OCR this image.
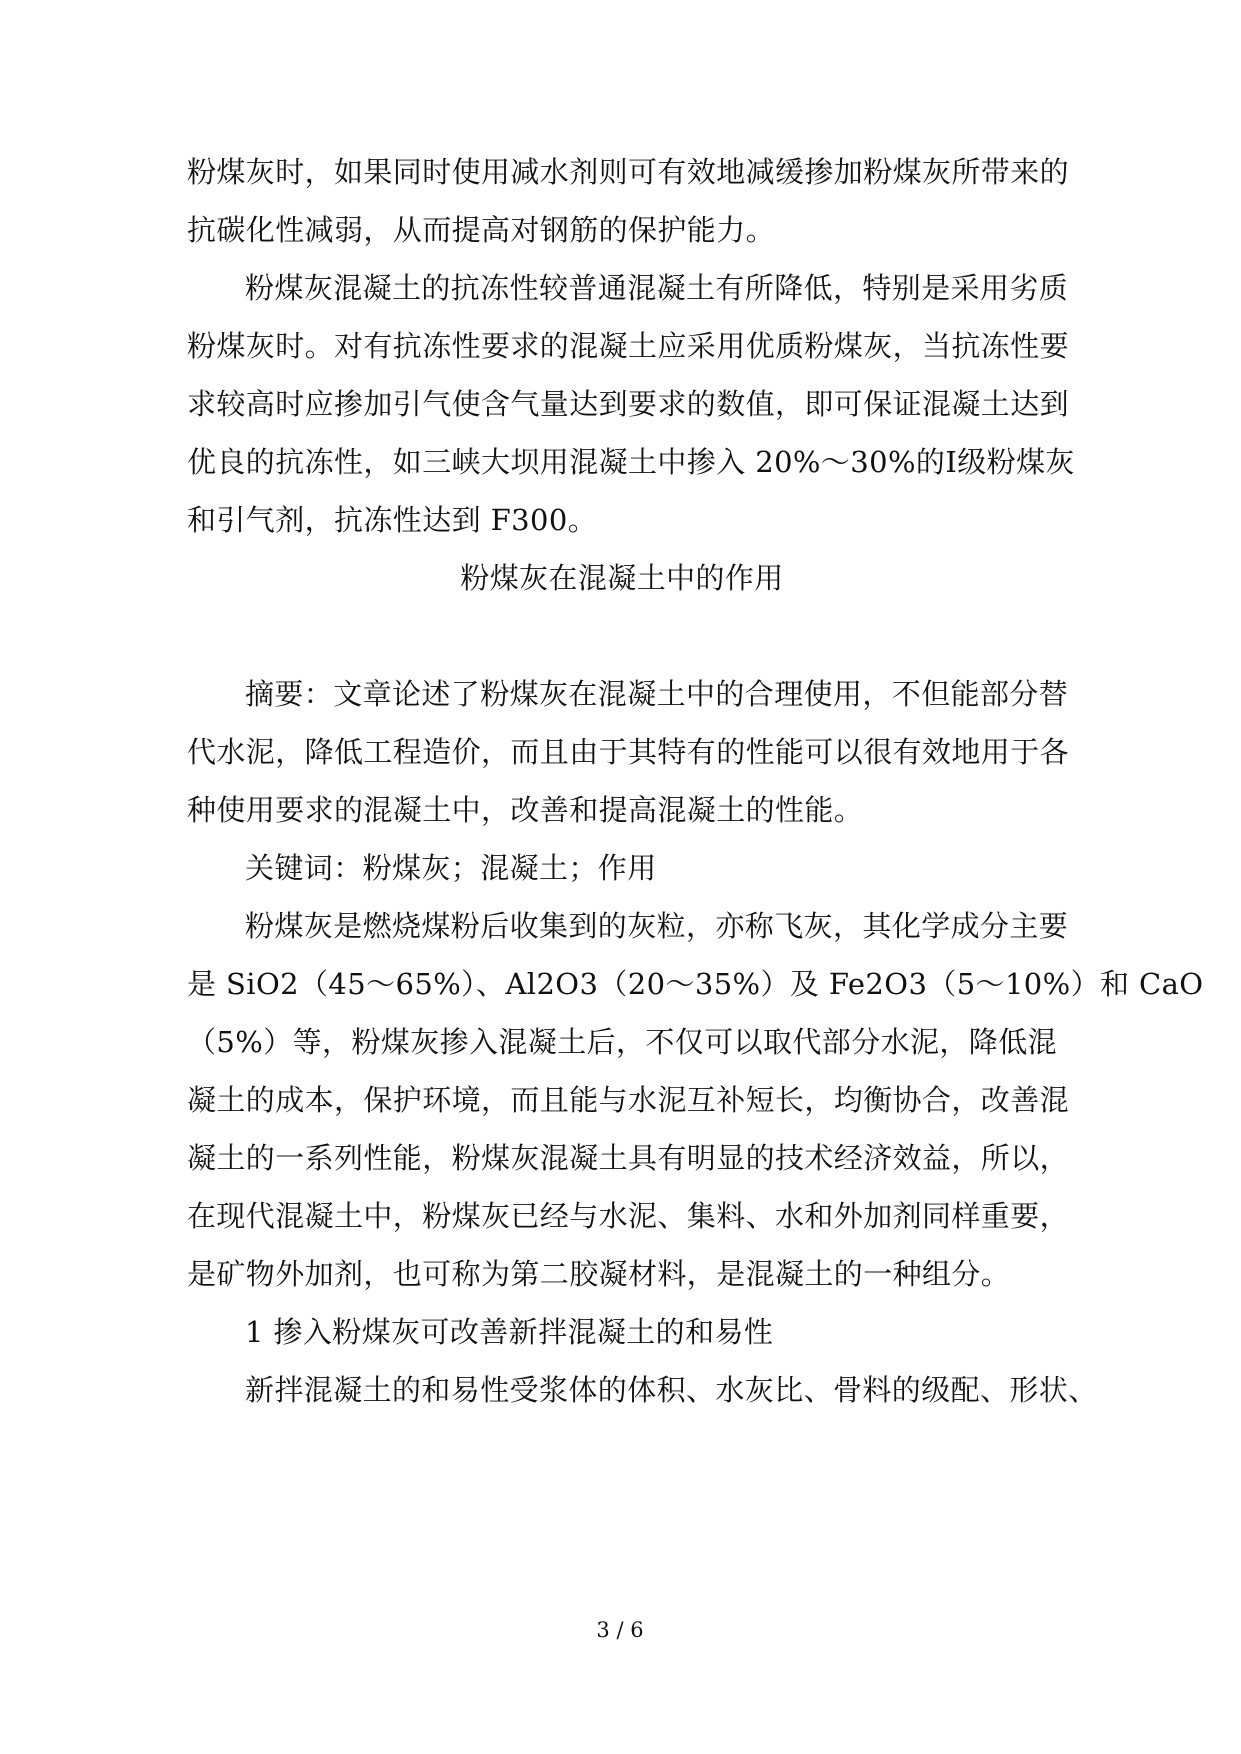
粉煤灰时，如果同时使用减水剂则可有效地减缓掺加粉煤灰所带来的
抗碳化性减弱，从而提高对钢筋的保护能力。
粉煤灰混凝土的抗冻性较普通混凝土有所降低，特别是采用劣质
粉煤灰时。对有抗冻性要求的混凝土应采用优质粉煤灰，当抗冻性要
求较高时应掺加引气使含气量达到要求的数值，即可保证混凝土达到
优良的抗冻性，如三峡大坝用混凝土中掺入 20%～30%的Ⅰ级粉煤灰
和引气剂，抗冻性达到 F300。
粉煤灰在混凝土中的作用
摘要：文章论述了粉煤灰在混凝土中的合理使用，不但能部分替
代水泥，降低工程造价，而且由于其特有的性能可以很有效地用于各
种使用要求的混凝土中，改善和提高混凝土的性能。
关键词：粉煤灰；混凝土；作用
粉煤灰是燃烧煤粉后收集到的灰粒，亦称飞灰，其化学成分主要
是 SiO2（45～65%）、Al2O3（20～35%）及 Fe2O3（5～10%）和 CaO
（5%）等，粉煤灰掺入混凝土后，不仅可以取代部分水泥，降低混
凝土的成本，保护环境，而且能与水泥互补短长，均衡协合，改善混
凝土的一系列性能，粉煤灰混凝土具有明显的技术经济效益，所以，
在现代混凝土中，粉煤灰已经与水泥、集料、水和外加剂同样重要，
是矿物外加剂，也可称为第二胶凝材料，是混凝土的一种组分。
1 掺入粉煤灰可改善新拌混凝土的和易性
新拌混凝土的和易性受浆体的体积、水灰比、骨料的级配、形状、
3 / 6
